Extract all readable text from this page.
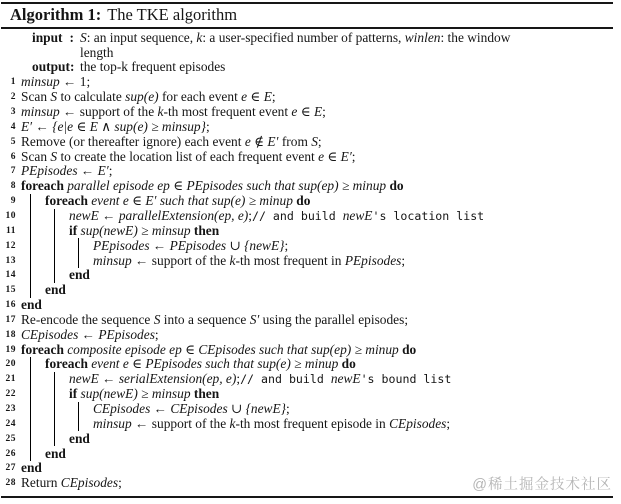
Algorithm 1: The TKE algorithm
input : S: an input sequence, k: a user-specified number of patterns, winlen: the window
length
output : the top-k frequent episodes
1 minsup ← 1;
2 Scan S to calculate sup(e) for each event e ∈ E;
3 minsup ← support of the k-th most frequent event e ∈ E;
4 E′ ← {e|e ∈ E ∧ sup(e) ≥ minsup};
5 Remove (or thereafter ignore) each event e ∉ E′ from S;
6 Scan S to create the location list of each frequent event e ∈ E′;
7 PEpisodes ← E′;
8 foreach parallel episode ep ∈ PEpisodes such that sup(ep) ≥ minup do
9	foreach event e ∈ E′ such that sup(e) ≥ minup do
10	newE ← parallelExtension(ep, e);// and build newE's location list
11	if sup(newE) ≥ minsup then
12	PEpisodes ← PEpisodes ∪ {newE};
13	minsup ← support of the k-th most frequent in PEpisodes;
14	end
15	end
16 end
17 Re-encode the sequence S into a sequence S′ using the parallel episodes;
18 CEpisodes ← PEpisodes;
19 foreach composite episode ep ∈ CEpisodes such that sup(ep) ≥ minup do
20	foreach event e ∈ PEpisodes such that sup(e) ≥ minup do
21	newE ← serialExtension(ep, e);// and build newE's bound list
22	if sup(newE) ≥ minsup then
23	CEpisodes ← CEpisodes ∪ {newE};
24	minsup ← support of the k-th most frequent episode in CEpisodes;
25	end
26	end
27 end
28 Return CEpisodes;	@稀土掘金技术社区
